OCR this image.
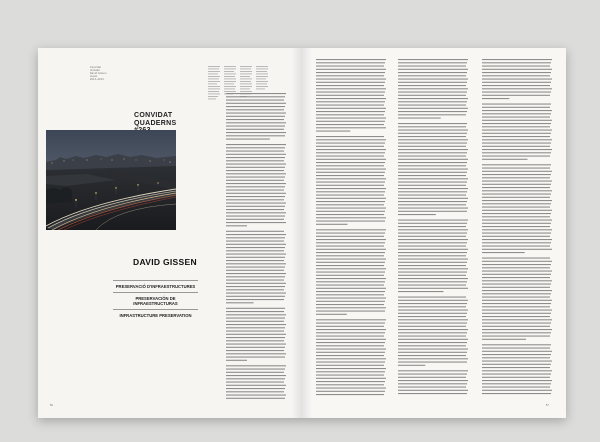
Convidat
Invitado
David Gissen
Guest
2013–2014
CONVIDAT
QUADERNS
DAVID GISSEN
PRESERVACIÓ D'INFRAESTRUCTURES
PRESERVACIÓN DE INFRAESTRUCTURAS
INFRASTRUCTURE PRESERVATION
56	57
